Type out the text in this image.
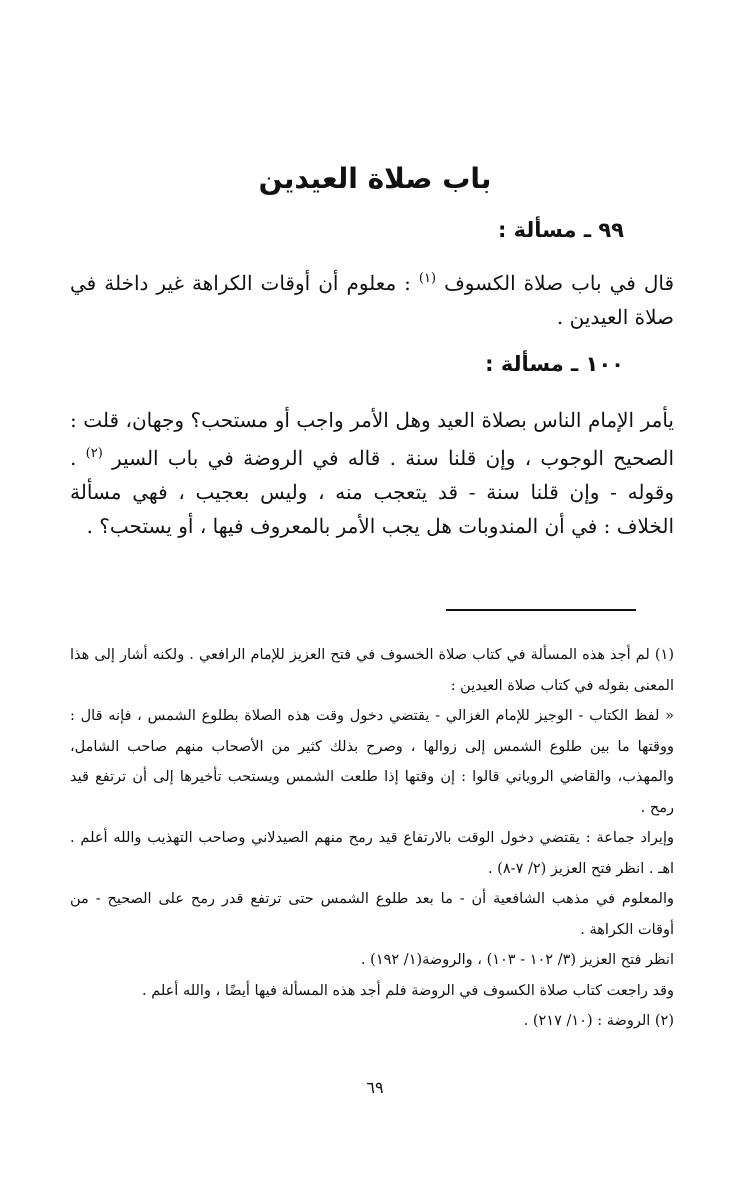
باب صلاة العيدين
٩٩ ـ مسألة :

قال في باب صلاة الكسوف $^{(١)}$ : معلوم أن أوقات الكراهة غير داخلة في صلاة العيدين .

١٠٠ ـ مسألة :

يأمر الإمام الناس بصلاة العيد وهل الأمر واجب أو مستحب؟ وجهان، قلت : الصحيح الوجوب ، وإن قلنا سنة . قاله في الروضة في باب السير $^{(٢)}$ . وقوله - وإن قلنا سنة - قد يتعجب منه ، وليس بعجيب ، فهي مسألة الخلاف : في أن المندوبات هل يجب الأمر بالمعروف فيها ، أو يستحب؟ .

(١) لم أجد هذه المسألة في كتاب صلاة الخسوف في فتح العزيز للإمام الرافعي . ولكنه أشار إلى هذا المعنى بقوله في كتاب صلاة العيدين :

« لفظ الكتاب - الوجيز للإمام الغزالي - يقتضي دخول وقت هذه الصلاة بطلوع الشمس ، فإنه قال : ووقتها ما بين طلوع الشمس إلى زوالها ، وصرح بذلك كثير من الأصحاب منهم صاحب الشامل، والمهذب، والقاضي الروياني قالوا : إن وقتها إذا طلعت الشمس ويستحب تأخيرها إلى أن ترتفع قيد رمح .

وإيراد جماعة : يقتضي دخول الوقت بالارتفاع قيد رمح منهم الصيدلاني وصاحب التهذيب والله أعلم . اهـ . انظر فتح العزيز (٢/ ٧-٨) .

والمعلوم في مذهب الشافعية أن - ما بعد طلوع الشمس حتى ترتفع قدر رمح على الصحيح - من أوقات الكراهة .

انظر فتح العزيز (٣/ ١٠٢ - ١٠٣) ، والروضة(١/ ١٩٢) .

وقد راجعت كتاب صلاة الكسوف في الروضة فلم أجد هذه المسألة فيها أيضًا ، والله أعلم .

(٢) الروضة : (١٠/ ٢١٧) .

٦٩
